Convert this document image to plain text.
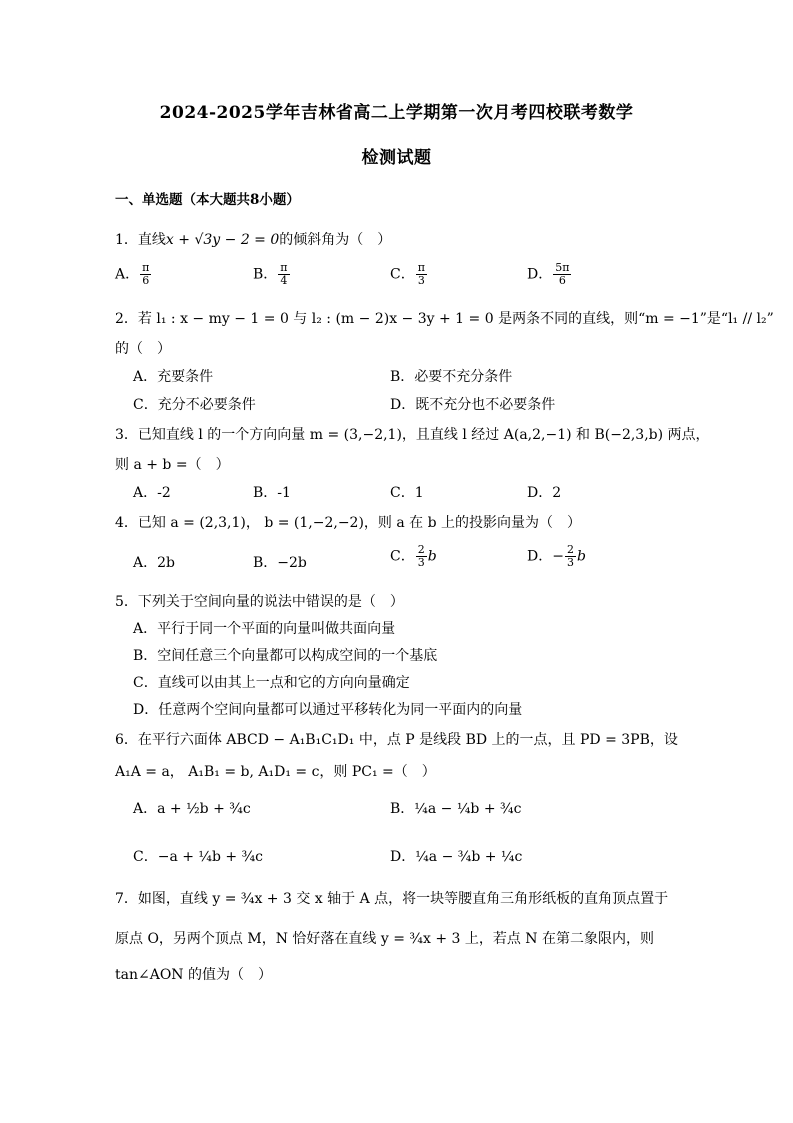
2024-2025学年吉林省高二上学期第一次月考四校联考数学
检测试题
一、单选题（本大题共8小题）
1．直线x + √3y − 2 = 0的倾斜角为（　）
A． $\frac{\pi}{6}$	B． $\frac{\pi}{4}$	C． $\frac{\pi}{3}$	D． $\frac{5\pi}{6}$
2．若 l₁ : x − my − 1 = 0 与 l₂ : (m − 2)x − 3y + 1 = 0 是两条不同的直线，则“m = −1”是“l₁ // l₂”
的（　）
A．充要条件	B．必要不充分条件
C．充分不必要条件	D．既不充分也不必要条件
3．已知直线 l 的一个方向向量 m = (3,−2,1)，且直线 l 经过 A(a,2,−1) 和 B(−2,3,b) 两点，
则 a + b =（　）
A．-2	B．-1	C．1	D．2
4．已知 a = (2,3,1)， b = (1,−2,−2)，则 a 在 b 上的投影向量为（　）
A．2b	B．−2b	C． $\frac{2}{3}$ b	D．− $\frac{2}{3}$ b
5．下列关于空间向量的说法中错误的是（　）
A．平行于同一个平面的向量叫做共面向量
B．空间任意三个向量都可以构成空间的一个基底
C．直线可以由其上一点和它的方向向量确定
D．任意两个空间向量都可以通过平移转化为同一平面内的向量
6．在平行六面体 ABCD − A₁B₁C₁D₁ 中，点 P 是线段 BD 上的一点，且 PD = 3PB，设
A₁A = a， A₁B₁ = b, A₁D₁ = c，则 PC₁ =（　）
A．a + ½b + ¾c	B．¼a − ¼b + ¾c
C．−a + ¼b + ¾c	D．¼a − ¾b + ¼c
7．如图，直线 y = ¾x + 3 交 x 轴于 A 点，将一块等腰直角三角形纸板的直角顶点置于
原点 O，另两个顶点 M，N 恰好落在直线 y = ¾x + 3 上，若点 N 在第二象限内，则
tan∠AON 的值为（　）
